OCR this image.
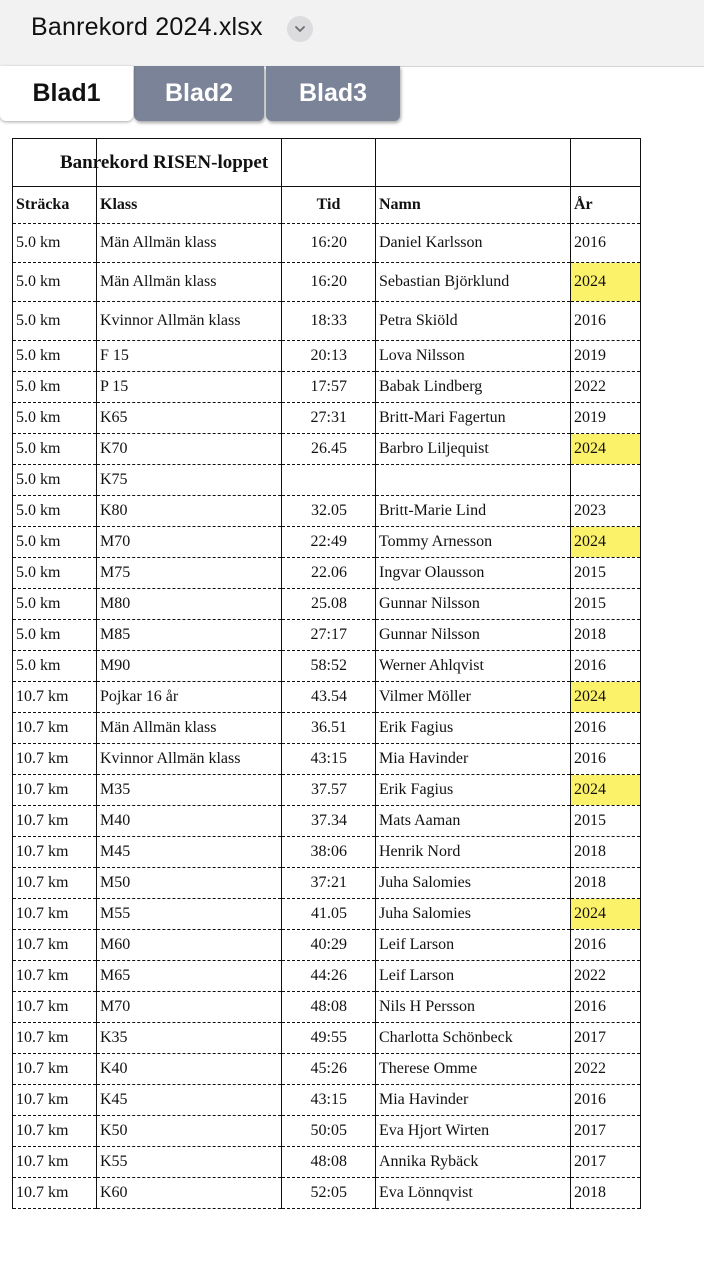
Banrekord 2024.xlsx
Blad1	Blad2	Blad3
Banrekord RISEN-loppet				

Sträcka	Klass	Tid	Namn	År
5.0 km	Män Allmän klass	16:20	Daniel Karlsson	2016
5.0 km	Män Allmän klass	16:20	Sebastian Björklund	2024
5.0 km	Kvinnor Allmän klass	18:33	Petra Skiöld	2016
5.0 km	F 15	20:13	Lova Nilsson	2019
5.0 km	P 15	17:57	Babak Lindberg	2022
5.0 km	K65	27:31	Britt-Mari Fagertun	2019
5.0 km	K70	26.45	Barbro Liljequist	2024
5.0 km	K75			
5.0 km	K80	32.05	Britt-Marie Lind	2023
5.0 km	M70	22:49	Tommy Arnesson	2024
5.0 km	M75	22.06	Ingvar Olausson	2015
5.0 km	M80	25.08	Gunnar Nilsson	2015
5.0 km	M85	27:17	Gunnar Nilsson	2018
5.0 km	M90	58:52	Werner Ahlqvist	2016
10.7 km	Pojkar 16 år	43.54	Vilmer Möller	2024
10.7 km	Män Allmän klass	36.51	Erik Fagius	2016
10.7 km	Kvinnor Allmän klass	43:15	Mia Havinder	2016
10.7 km	M35	37.57	Erik Fagius	2024
10.7 km	M40	37.34	Mats Aaman	2015
10.7 km	M45	38:06	Henrik Nord	2018
10.7 km	M50	37:21	Juha Salomies	2018
10.7 km	M55	41.05	Juha Salomies	2024
10.7 km	M60	40:29	Leif Larson	2016
10.7 km	M65	44:26	Leif Larson	2022
10.7 km	M70	48:08	Nils H Persson	2016
10.7 km	K35	49:55	Charlotta Schönbeck	2017
10.7 km	K40	45:26	Therese Omme	2022
10.7 km	K45	43:15	Mia Havinder	2016
10.7 km	K50	50:05	Eva Hjort Wirten	2017
10.7 km	K55	48:08	Annika Rybäck	2017
10.7 km	K60	52:05	Eva Lönnqvist	2018
